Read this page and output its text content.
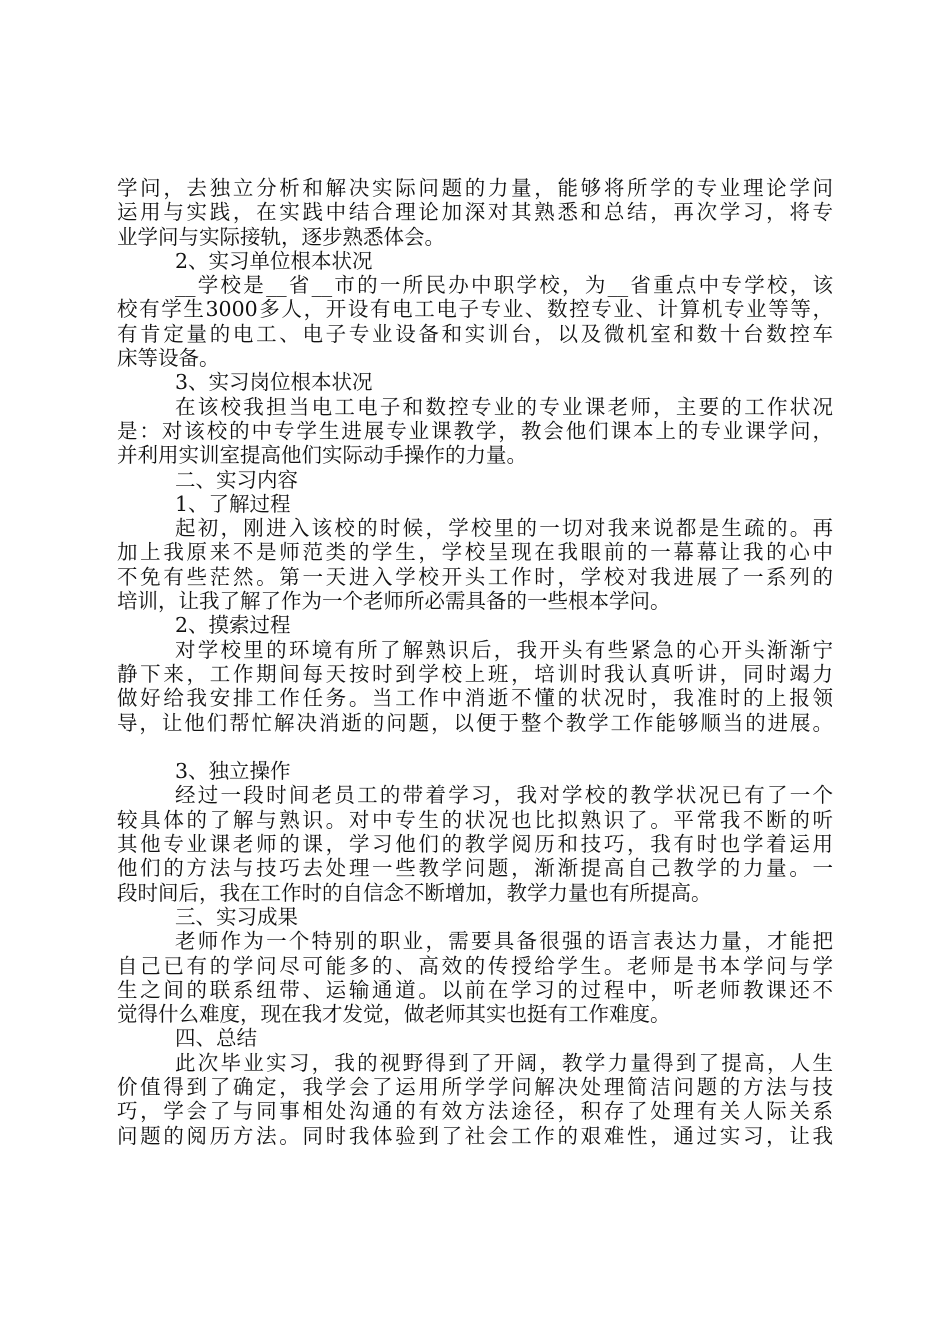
学问，去独立分析和解决实际问题的力量，能够将所学的专业理论学问
运用与实践，在实践中结合理论加深对其熟悉和总结，再次学习，将专
业学问与实际接轨，逐步熟悉体会。
2、实习单位根本状况
__学校是__省__市的一所民办中职学校，为__省重点中专学校，该
校有学生3000多人，开设有电工电子专业、数控专业、计算机专业等等，
有肯定量的电工、电子专业设备和实训台，以及微机室和数十台数控车
床等设备。
3、实习岗位根本状况
在该校我担当电工电子和数控专业的专业课老师，主要的工作状况
是：对该校的中专学生进展专业课教学，教会他们课本上的专业课学问，
并利用实训室提高他们实际动手操作的力量。
二、实习内容
1、了解过程
起初，刚进入该校的时候，学校里的一切对我来说都是生疏的。再
加上我原来不是师范类的学生，学校呈现在我眼前的一幕幕让我的心中
不免有些茫然。第一天进入学校开头工作时，学校对我进展了一系列的
培训，让我了解了作为一个老师所必需具备的一些根本学问。
2、摸索过程
对学校里的环境有所了解熟识后，我开头有些紧急的心开头渐渐宁
静下来，工作期间每天按时到学校上班，培训时我认真听讲，同时竭力
做好给我安排工作任务。当工作中消逝不懂的状况时，我准时的上报领
导，让他们帮忙解决消逝的问题，以便于整个教学工作能够顺当的进展。
3、独立操作
经过一段时间老员工的带着学习，我对学校的教学状况已有了一个
较具体的了解与熟识。对中专生的状况也比拟熟识了。平常我不断的听
其他专业课老师的课，学习他们的教学阅历和技巧，我有时也学着运用
他们的方法与技巧去处理一些教学问题，渐渐提高自己教学的力量。一
段时间后，我在工作时的自信念不断增加，教学力量也有所提高。
三、实习成果
老师作为一个特别的职业，需要具备很强的语言表达力量，才能把
自己已有的学问尽可能多的、高效的传授给学生。老师是书本学问与学
生之间的联系纽带、运输通道。以前在学习的过程中，听老师教课还不
觉得什么难度，现在我才发觉，做老师其实也挺有工作难度。
四、总结
此次毕业实习，我的视野得到了开阔，教学力量得到了提高，人生
价值得到了确定，我学会了运用所学学问解决处理简洁问题的方法与技
巧，学会了与同事相处沟通的有效方法途径，积存了处理有关人际关系
问题的阅历方法。同时我体验到了社会工作的艰难性，通过实习，让我
